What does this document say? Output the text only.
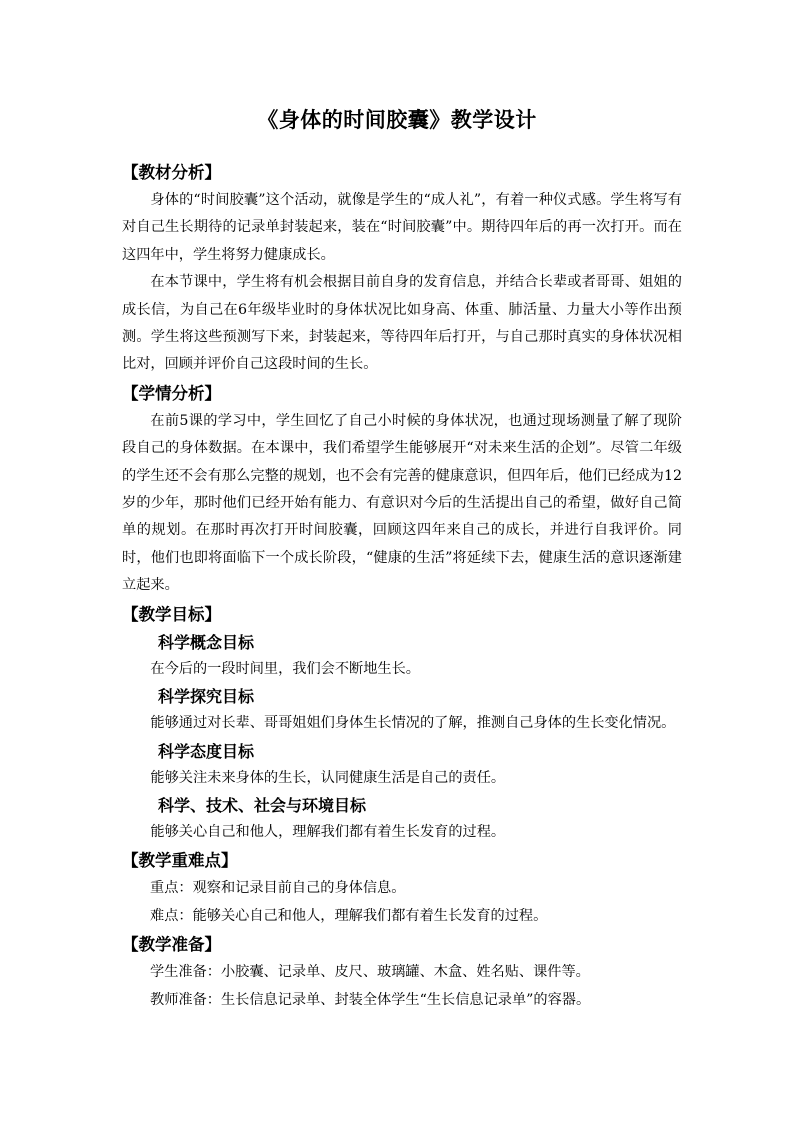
《身体的时间胶囊》教学设计
【教材分析】

身体的“时间胶囊”这个活动，就像是学生的“成人礼”，有着一种仪式感。学生将写有对自己生长期待的记录单封装起来，装在“时间胶囊”中。期待四年后的再一次打开。而在这四年中，学生将努力健康成长。

在本节课中，学生将有机会根据目前自身的发育信息，并结合长辈或者哥哥、姐姐的成长信，为自己在6年级毕业时的身体状况比如身高、体重、肺活量、力量大小等作出预测。学生将这些预测写下来，封装起来，等待四年后打开，与自己那时真实的身体状况相比对，回顾并评价自己这段时间的生长。

【学情分析】

在前5课的学习中，学生回忆了自己小时候的身体状况，也通过现场测量了解了现阶段自己的身体数据。在本课中，我们希望学生能够展开“对未来生活的企划”。尽管二年级的学生还不会有那么完整的规划，也不会有完善的健康意识，但四年后，他们已经成为12岁的少年，那时他们已经开始有能力、有意识对今后的生活提出自己的希望，做好自己简单的规划。在那时再次打开时间胶囊，回顾这四年来自己的成长，并进行自我评价。同时，他们也即将面临下一个成长阶段，“健康的生活”将延续下去，健康生活的意识逐渐建立起来。

【教学目标】
科学概念目标

在今后的一段时间里，我们会不断地生长。

科学探究目标

能够通过对长辈、哥哥姐姐们身体生长情况的了解，推测自己身体的生长变化情况。

科学态度目标

能够关注未来身体的生长，认同健康生活是自己的责任。

科学、技术、社会与环境目标

能够关心自己和他人，理解我们都有着生长发育的过程。

【教学重难点】
重点：观察和记录目前自己的身体信息。
难点：能够关心自己和他人，理解我们都有着生长发育的过程。
【教学准备】
学生准备：小胶囊、记录单、皮尺、玻璃罐、木盒、姓名贴、课件等。
教师准备：生长信息记录单、封装全体学生“生长信息记录单”的容器。
